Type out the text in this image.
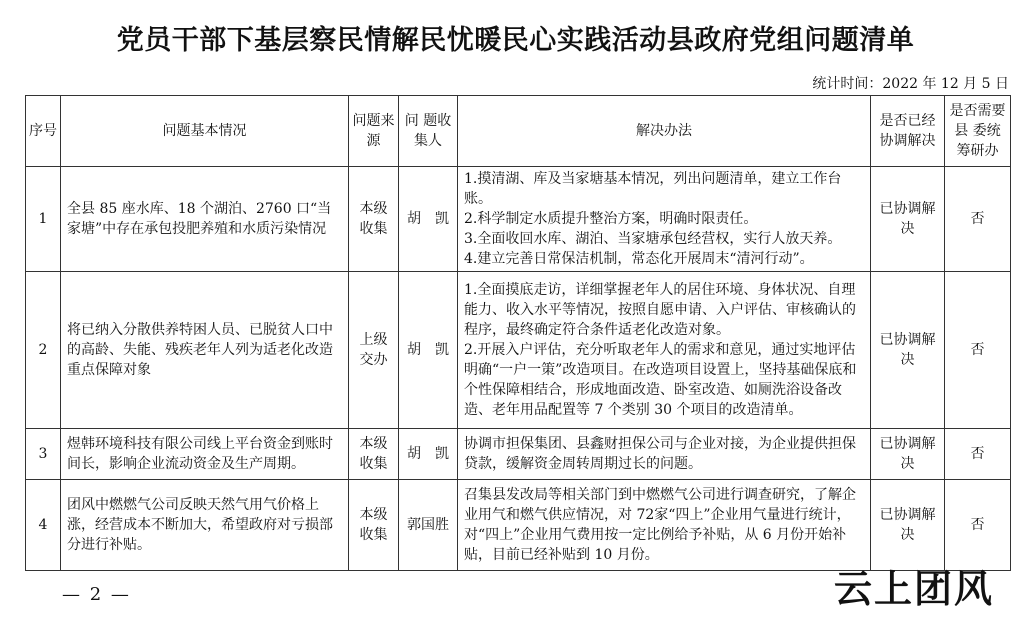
党员干部下基层察民情解民忧暖民心实践活动县政府党组问题清单
统计时间：2022 年 12 月 5 日
序号	问题基本情况	问题来源	问 题收集人	解决办法	是否已经协调解决	是否需要县 委统筹研办
1	全县 85 座水库、18 个湖泊、2760 口“当家塘”中存在承包投肥养殖和水质污染情况	本级收集	胡　凯	1.摸清湖、库及当家塘基本情况，列出问题清单，建立工作台账。
2.科学制定水质提升整治方案，明确时限责任。
3.全面收回水库、湖泊、当家塘承包经营权，实行人放天养。
4.建立完善日常保洁机制，常态化开展周末“清河行动”。	已协调解决	否
2	将已纳入分散供养特困人员、已脱贫人口中的高龄、失能、残疾老年人列为适老化改造重点保障对象	上级交办	胡　凯	1.全面摸底走访，详细掌握老年人的居住环境、身体状况、自理能力、收入水平等情况，按照自愿申请、入户评估、审核确认的程序，最终确定符合条件适老化改造对象。
2.开展入户评估，充分听取老年人的需求和意见，通过实地评估明确“一户一策”改造项目。在改造项目设置上，坚持基础保底和个性保障相结合，形成地面改造、卧室改造、如厕洗浴设备改造、老年用品配置等 7 个类别 30 个项目的改造清单。	已协调解决	否
3	煜韩环境科技有限公司线上平台资金到账时间长，影响企业流动资金及生产周期。	本级收集	胡　凯	协调市担保集团、县鑫财担保公司与企业对接，为企业提供担保贷款，缓解资金周转周期过长的问题。	已协调解决	否
4	团风中燃燃气公司反映天然气用气价格上涨，经营成本不断加大，希望政府对亏损部分进行补贴。	本级收集	郭国胜	召集县发改局等相关部门到中燃燃气公司进行调查研究，了解企业用气和燃气供应情况，对 72家“四上”企业用气量进行统计，对“四上”企业用气费用按一定比例给予补贴，从 6 月份开始补贴，目前已经补贴到 10 月份。	已协调解决	否
— 2 —	云上团风
